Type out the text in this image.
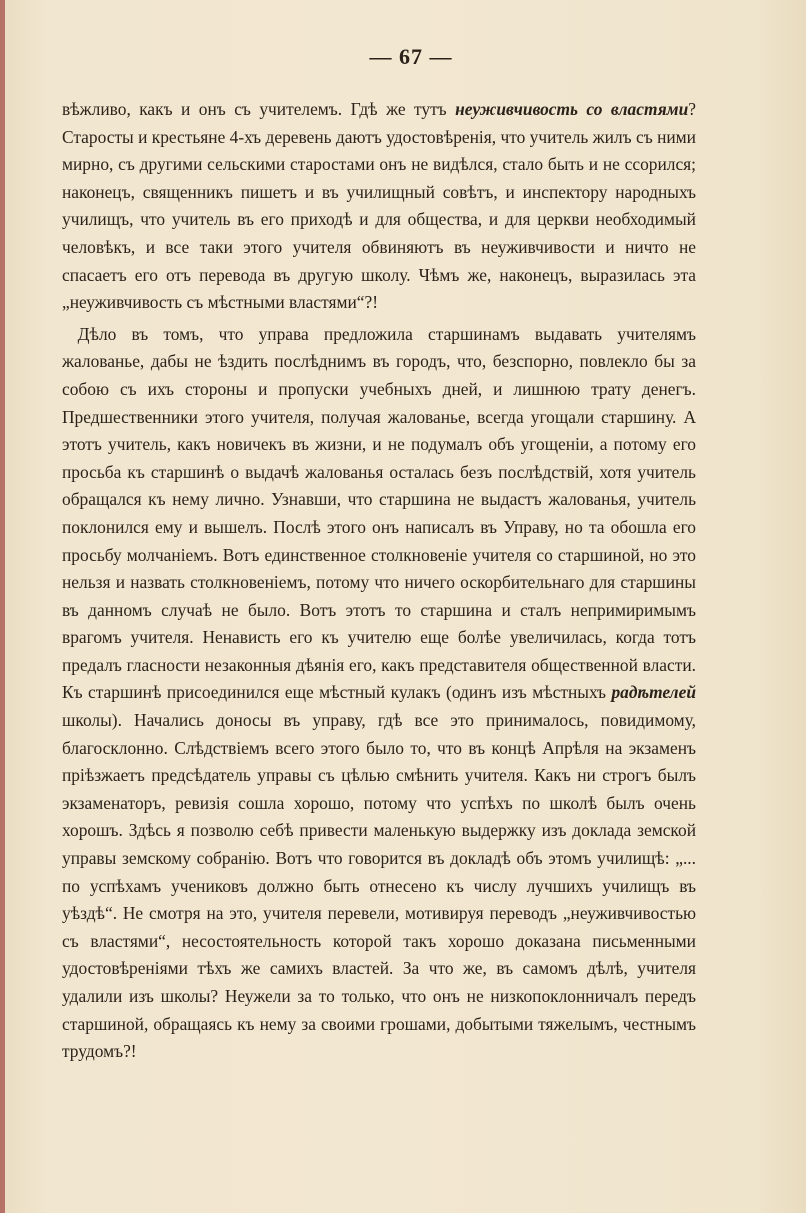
— 67 —

вѣжливо, какъ и онъ съ учителемъ. Гдѣ же тутъ неуживчивость со властями? Старосты и крестьяне 4-хъ деревень даютъ удостовѣренія, что учитель жилъ съ ними мирно, съ другими сельскими старостами онъ не видѣлся, стало быть и не ссорился; наконецъ, священникъ пишетъ и въ училищный совѣтъ, и инспектору народныхъ училищъ, что учитель въ его приходѣ и для общества, и для церкви необходимый человѣкъ, и все таки этого учителя обвиняютъ въ неуживчивости и ничто не спасаетъ его отъ перевода въ другую школу. Чѣмъ же, наконецъ, выразилась эта „неуживчивость съ мѣстными властями“?!

Дѣло въ томъ, что управа предложила старшинамъ выдавать учителямъ жалованье, дабы не ѣздить послѣднимъ въ городъ, что, безспорно, повлекло бы за собою съ ихъ стороны и пропуски учебныхъ дней, и лишнюю трату денегъ. Предшественники этого учителя, получая жалованье, всегда угощали старшину. А этотъ учитель, какъ новичекъ въ жизни, и не подумалъ объ угощеніи, а потому его просьба къ старшинѣ о выдачѣ жалованья осталась безъ послѣдствій, хотя учитель обращался къ нему лично. Узнавши, что старшина не выдастъ жалованья, учитель поклонился ему и вышелъ. Послѣ этого онъ написалъ въ Управу, но та обошла его просьбу молчаніемъ. Вотъ единственное столкновеніе учителя со старшиной, но это нельзя и назвать столкновеніемъ, потому что ничего оскорбительнаго для старшины въ данномъ случаѣ не было. Вотъ этотъ то старшина и сталъ непримиримымъ врагомъ учителя. Ненависть его къ учителю еще болѣе увеличилась, когда тотъ предалъ гласности незаконныя дѣянія его, какъ представителя общественной власти. Къ старшинѣ присоединился еще мѣстный кулакъ (одинъ изъ мѣстныхъ радѣтелей школы). Начались доносы въ управу, гдѣ все это принималось, повидимому, благосклонно. Слѣдствіемъ всего этого было то, что въ концѣ Апрѣля на экзаменъ пріѣзжаетъ предсѣдатель управы съ цѣлью смѣнить учителя. Какъ ни строгъ былъ экзаменаторъ, ревизія сошла хорошо, потому что успѣхъ по школѣ былъ очень хорошъ. Здѣсь я позволю себѣ привести маленькую выдержку изъ доклада земской управы земскому собранію. Вотъ что говорится въ докладѣ объ этомъ училищѣ: „... по успѣхамъ учениковъ должно быть отнесено къ числу лучшихъ училищъ въ уѣздѣ“. Не смотря на это, учителя перевели, мотивируя переводъ „неуживчивостью съ властями“, несостоятельность которой такъ хорошо доказана письменными удостовѣреніями тѣхъ же самихъ властей. За что же, въ самомъ дѣлѣ, учителя удалили изъ школы? Неужели за то только, что онъ не низкопоклонничалъ передъ старшиной, обращаясь къ нему за своими грошами, добытыми тяжелымъ, честнымъ трудомъ?!
